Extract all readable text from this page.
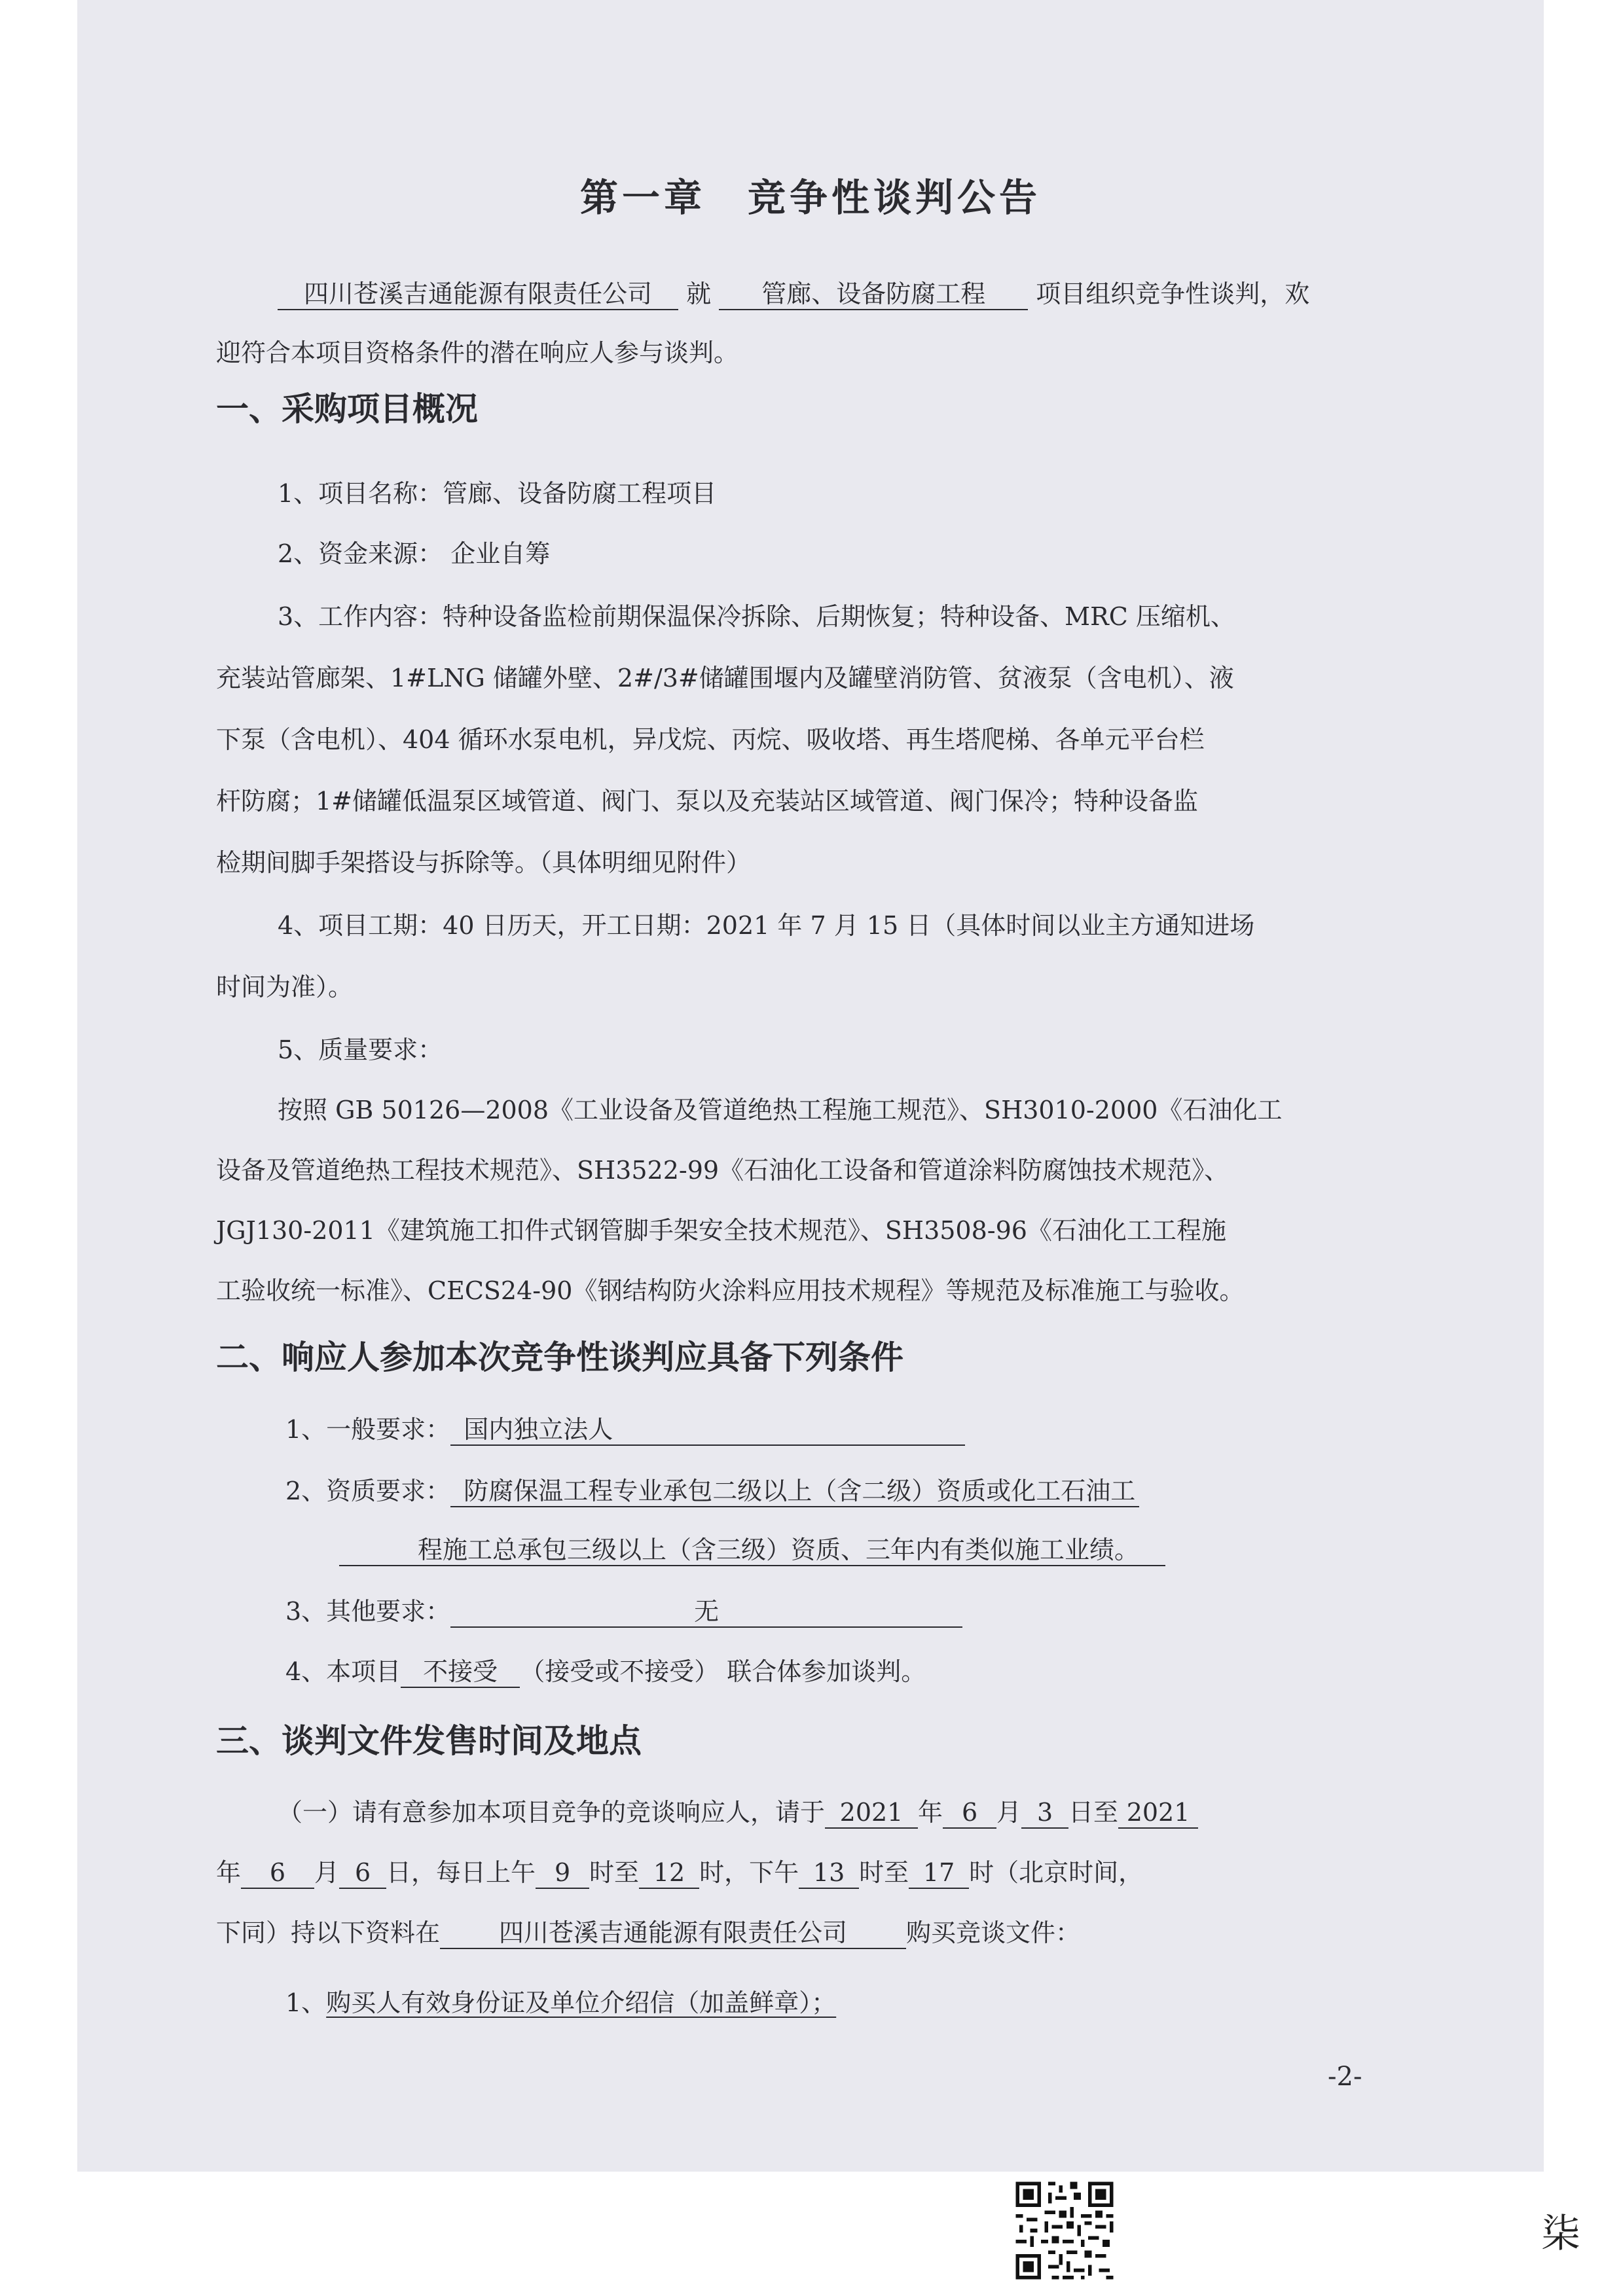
第一章　竞争性谈判公告
四川苍溪吉通能源有限责任公司 就 管廊、设备防腐工程 项目组织竞争性谈判，欢
迎符合本项目资格条件的潜在响应人参与谈判。
一、采购项目概况
1、项目名称：管廊、设备防腐工程项目
2、资金来源： 企业自筹
3、工作内容：特种设备监检前期保温保冷拆除、后期恢复；特种设备、MRC 压缩机、
充装站管廊架、1#LNG 储罐外壁、2#/3#储罐围堰内及罐壁消防管、贫液泵（含电机）、液
下泵（含电机）、404 循环水泵电机，异戊烷、丙烷、吸收塔、再生塔爬梯、各单元平台栏
杆防腐；1#储罐低温泵区域管道、阀门、泵以及充装站区域管道、阀门保冷；特种设备监
检期间脚手架搭设与拆除等。（具体明细见附件）
4、项目工期：40 日历天，开工日期：2021 年 7 月 15 日（具体时间以业主方通知进场
时间为准）。
5、质量要求：
按照 GB 50126—2008《工业设备及管道绝热工程施工规范》、SH3010-2000《石油化工
设备及管道绝热工程技术规范》、SH3522-99《石油化工设备和管道涂料防腐蚀技术规范》、
JGJ130-2011《建筑施工扣件式钢管脚手架安全技术规范》、SH3508-96《石油化工工程施
工验收统一标准》、CECS24-90《钢结构防火涂料应用技术规程》等规范及标准施工与验收。
二、响应人参加本次竞争性谈判应具备下列条件
1、一般要求： 国内独立法人
2、资质要求： 防腐保温工程专业承包二级以上（含二级）资质或化工石油工
程施工总承包三级以上（含三级）资质、三年内有类似施工业绩。
3、其他要求：	无
4、本项目 不接受 （接受或不接受） 联合体参加谈判。
三、谈判文件发售时间及地点
（一）请有意参加本项目竞争的竞谈响应人，请于 2021 年 6 月 3 日至 2021
年 6 月 6 日，每日上午 9 时至 12 时，下午 13 时至 17 时（北京时间，
下同）持以下资料在 四川苍溪吉通能源有限责任公司 购买竞谈文件：
1、购买人有效身份证及单位介绍信（加盖鲜章）；
-2-
柒
